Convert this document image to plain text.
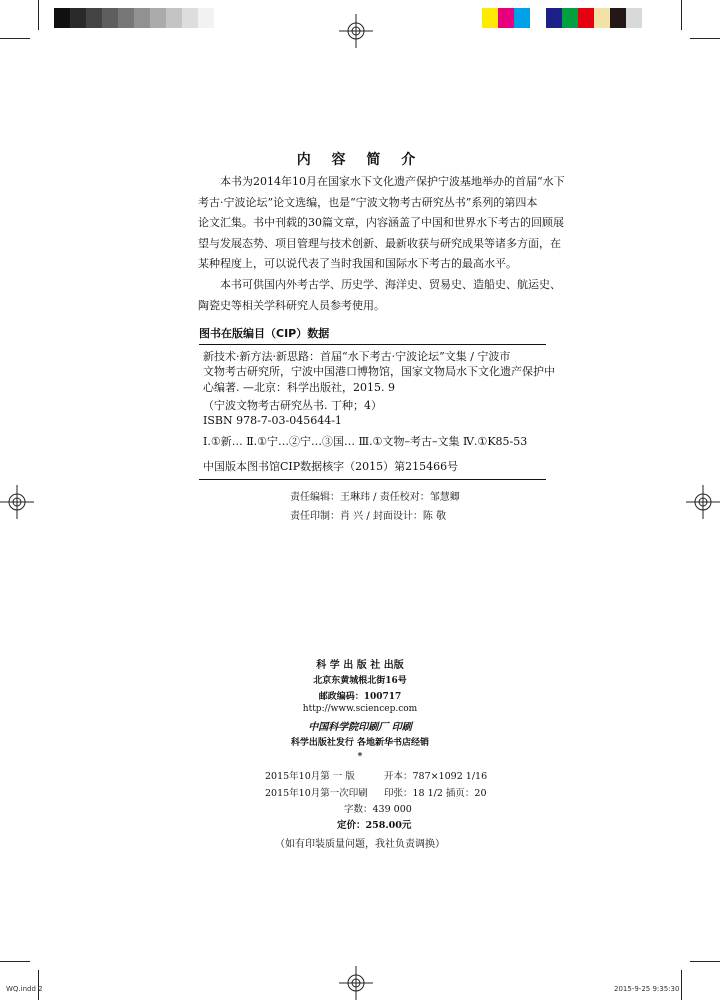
内 容 简 介
本书为2014年10月在国家水下文化遗产保护宁波基地举办的首届“水下
考古·宁波论坛”论文选编，也是“宁波文物考古研究丛书”系列的第四本
论文汇集。书中刊载的30篇文章，内容涵盖了中国和世界水下考古的回顾展
望与发展态势、项目管理与技术创新、最新收获与研究成果等诸多方面，在
某种程度上，可以说代表了当时我国和国际水下考古的最高水平。
本书可供国内外考古学、历史学、海洋史、贸易史、造船史、航运史、
陶瓷史等相关学科研究人员参考使用。
图书在版编目（CIP）数据
新技术·新方法·新思路：首届“水下考古·宁波论坛”文集 / 宁波市
文物考古研究所，宁波中国港口博物馆，国家文物局水下文化遗产保护中
心编著. —北京：科学出版社，2015. 9
（宁波文物考古研究丛书. 丁种；4）
ISBN 978-7-03-045644-1
Ⅰ.①新… Ⅱ.①宁…②宁…③国… Ⅲ.①文物–考古–文集 Ⅳ.①K85-53
中国版本图书馆CIP数据核字（2015）第215466号
责任编辑：王琳玮 / 责任校对：邹慧卿
责任印制：肖 兴 / 封面设计：陈 敬
科 学 出 版 社 出版
北京东黄城根北街16号
邮政编码：100717
http://www.sciencep.com
中国科学院印刷厂 印刷
科学出版社发行 各地新华书店经销
*
2015年10月第 一 版	开本：787×1092 1/16
2015年10月第一次印刷 印张：18 1/2 插页：20
字数：439 000
定价：258.00元
（如有印装质量问题，我社负责调换）
WQ.indd 2	2015-9-25 9:35:30
